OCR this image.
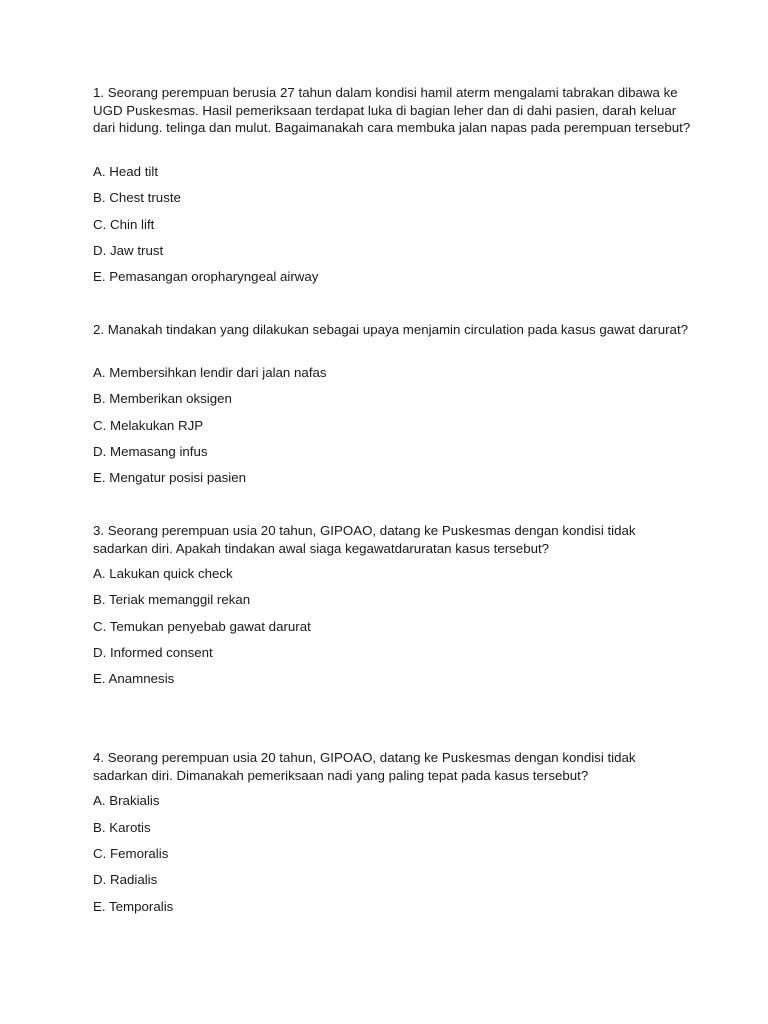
1. Seorang perempuan berusia 27 tahun dalam kondisi hamil aterm mengalami tabrakan dibawa ke UGD Puskesmas. Hasil pemeriksaan terdapat luka di bagian leher dan di dahi pasien, darah keluar dari hidung. telinga dan mulut. Bagaimanakah cara membuka jalan napas pada perempuan tersebut?

A. Head tilt
B. Chest truste
C. Chin lift
D. Jaw trust
E. Pemasangan oropharyngeal airway

2. Manakah tindakan yang dilakukan sebagai upaya menjamin circulation pada kasus gawat darurat?

A. Membersihkan lendir dari jalan nafas
B. Memberikan oksigen
C. Melakukan RJP
D. Memasang infus
E. Mengatur posisi pasien

3. Seorang perempuan usia 20 tahun, GIPOAO, datang ke Puskesmas dengan kondisi tidak sadarkan diri. Apakah tindakan awal siaga kegawatdaruratan kasus tersebut?

A. Lakukan quick check
B. Teriak memanggil rekan
C. Temukan penyebab gawat darurat
D. Informed consent
E. Anamnesis

4. Seorang perempuan usia 20 tahun, GIPOAO, datang ke Puskesmas dengan kondisi tidak sadarkan diri. Dimanakah pemeriksaan nadi yang paling tepat pada kasus tersebut?

A. Brakialis
B. Karotis
C. Femoralis
D. Radialis
E. Temporalis
